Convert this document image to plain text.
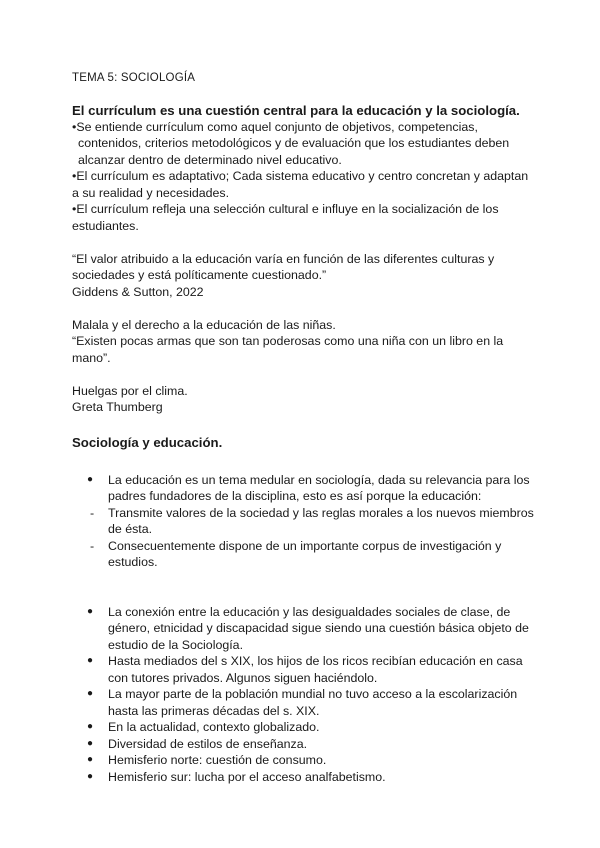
TEMA 5: SOCIOLOGÍA

El currículum es una cuestión central para la educación y la sociología.

•Se entiende currículum como aquel conjunto de objetivos, competencias,

contenidos, criterios metodológicos y de evaluación que los estudiantes deben

alcanzar dentro de determinado nivel educativo.

•El currículum es adaptativo; Cada sistema educativo y centro concretan y adaptan

a su realidad y necesidades.

•El currículum refleja una selección cultural e influye en la socialización de los

estudiantes.

“El valor atribuido a la educación varía en función de las diferentes culturas y

sociedades y está políticamente cuestionado.”

Giddens & Sutton, 2022

Malala y el derecho a la educación de las niñas.

“Existen pocas armas que son tan poderosas como una niña con un libro en la

mano”.

Huelgas por el clima.

Greta Thumberg

Sociología y educación.

●	La educación es un tema medular en sociología, dada su relevancia para los
padres fundadores de la disciplina, esto es así porque la educación:
-	Transmite valores de la sociedad y las reglas morales a los nuevos miembros
de ésta.
-	Consecuentemente dispone de un importante corpus de investigación y
estudios.
●	La conexión entre la educación y las desigualdades sociales de clase, de
género, etnicidad y discapacidad sigue siendo una cuestión básica objeto de
estudio de la Sociología.
●	Hasta mediados del s XIX, los hijos de los ricos recibían educación en casa
con tutores privados. Algunos siguen haciéndolo.
●	La mayor parte de la población mundial no tuvo acceso a la escolarización
hasta las primeras décadas del s. XIX.
●	En la actualidad, contexto globalizado.
●	Diversidad de estilos de enseñanza.
●	Hemisferio norte: cuestión de consumo.
●	Hemisferio sur: lucha por el acceso analfabetismo.
